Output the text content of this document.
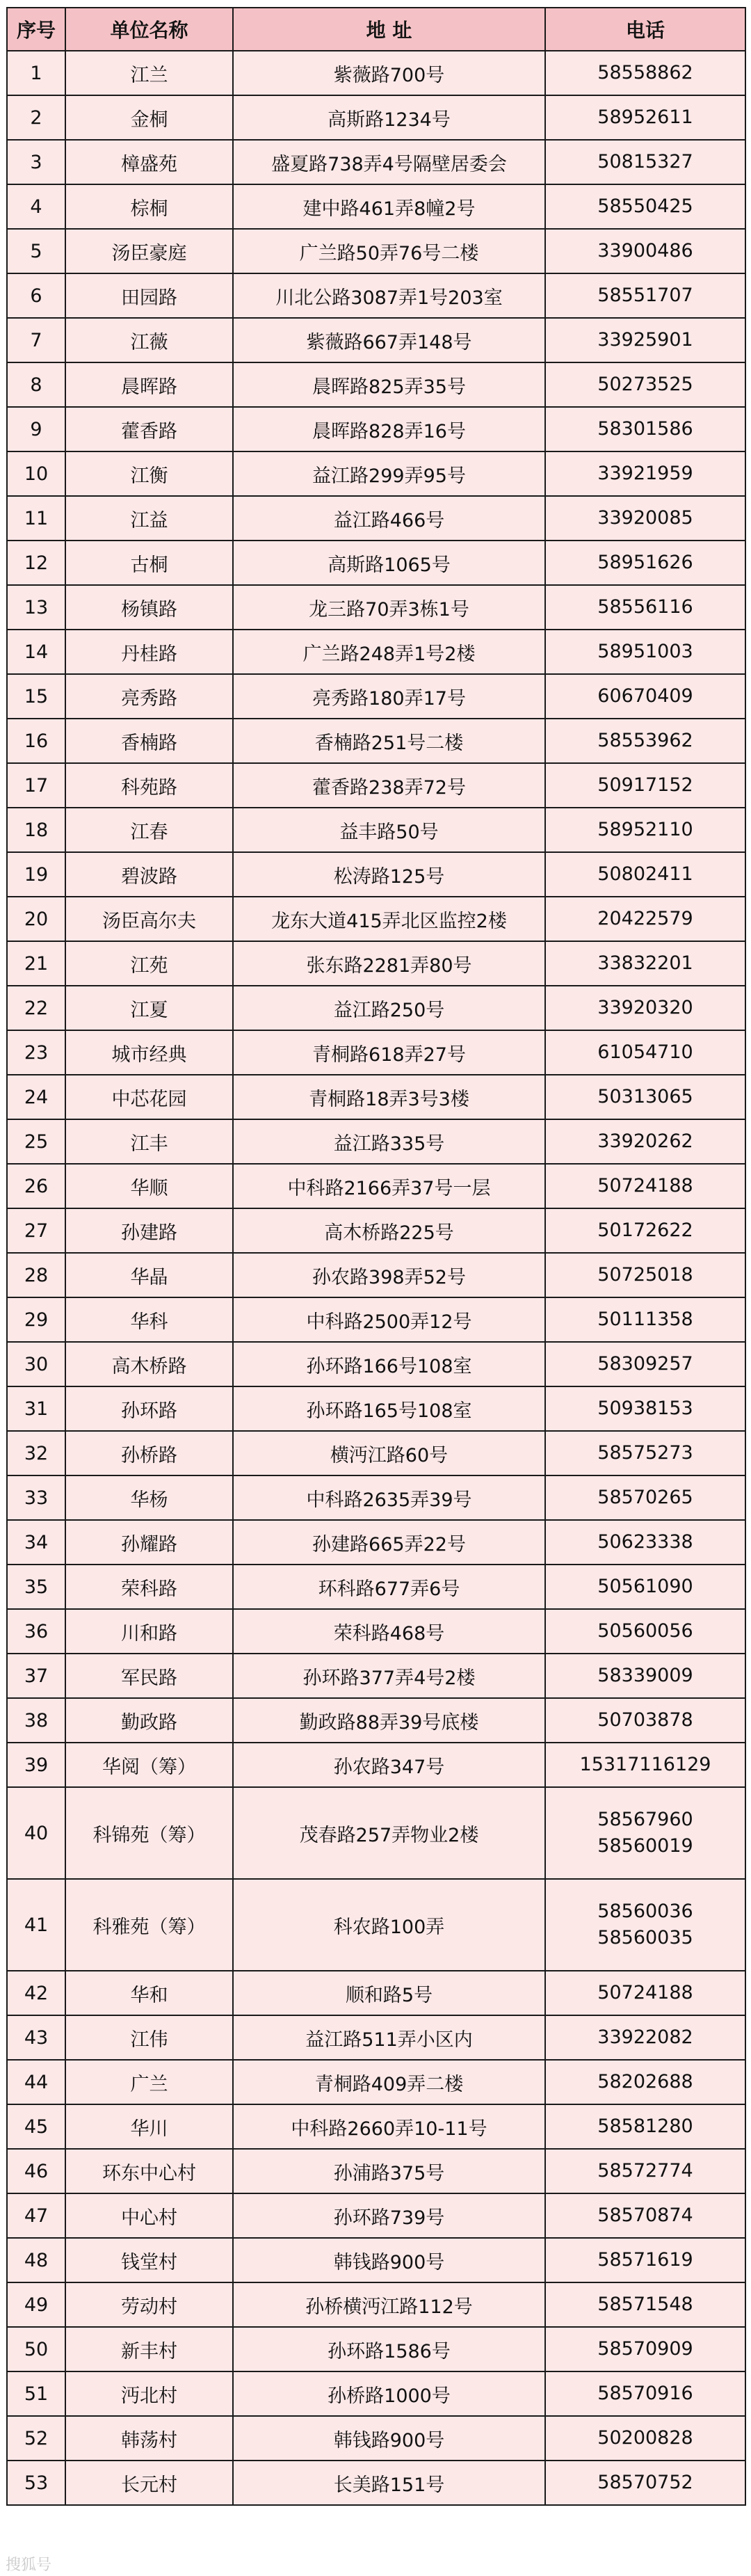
序号	单位名称	地 址	电话
1	江兰	紫薇路700号	58558862

2	金桐	高斯路1234号	58952611

3	樟盛苑	盛夏路738弄4号隔壁居委会	50815327

4	棕桐	建中路461弄8幢2号	58550425

5	汤臣豪庭	广兰路50弄76号二楼	33900486

6	田园路	川北公路3087弄1号203室	58551707

7	江薇	紫薇路667弄148号	33925901

8	晨晖路	晨晖路825弄35号	50273525

9	藿香路	晨晖路828弄16号	58301586

10	江衡	益江路299弄95号	33921959

11	江益	益江路466号	33920085

12	古桐	高斯路1065号	58951626

13	杨镇路	龙三路70弄3栋1号	58556116

14	丹桂路	广兰路248弄1号2楼	58951003

15	亮秀路	亮秀路180弄17号	60670409

16	香楠路	香楠路251号二楼	58553962

17	科苑路	藿香路238弄72号	50917152

18	江春	益丰路50号	58952110

19	碧波路	松涛路125号	50802411

20	汤臣高尔夫	龙东大道415弄北区监控2楼	20422579

21	江苑	张东路2281弄80号	33832201

22	江夏	益江路250号	33920320

23	城市经典	青桐路618弄27号	61054710

24	中芯花园	青桐路18弄3号3楼	50313065

25	江丰	益江路335号	33920262

26	华顺	中科路2166弄37号一层	50724188

27	孙建路	高木桥路225号	50172622

28	华晶	孙农路398弄52号	50725018

29	华科	中科路2500弄12号	50111358

30	高木桥路	孙环路166号108室	58309257

31	孙环路	孙环路165号108室	50938153

32	孙桥路	横沔江路60号	58575273

33	华杨	中科路2635弄39号	58570265

34	孙耀路	孙建路665弄22号	50623338

35	荣科路	环科路677弄6号	50561090

36	川和路	荣科路468号	50560056

37	军民路	孙环路377弄4号2楼	58339009

38	勤政路	勤政路88弄39号底楼	50703878

39	华阅（筹）	孙农路347号	15317116129

40	科锦苑（筹）	茂春路257弄物业2楼	58567960
58560019

41	科雅苑（筹）	科农路100弄	58560036
58560035

42	华和	顺和路5号	50724188

43	江伟	益江路511弄小区内	33922082

44	广兰	青桐路409弄二楼	58202688

45	华川	中科路2660弄10-11号	58581280

46	环东中心村	孙浦路375号	58572774

47	中心村	孙环路739号	58570874

48	钱堂村	韩钱路900号	58571619

49	劳动村	孙桥横沔江路112号	58571548

50	新丰村	孙环路1586号	58570909

51	沔北村	孙桥路1000号	58570916

52	韩荡村	韩钱路900号	50200828

53	长元村	长美路151号	58570752
搜狐号
